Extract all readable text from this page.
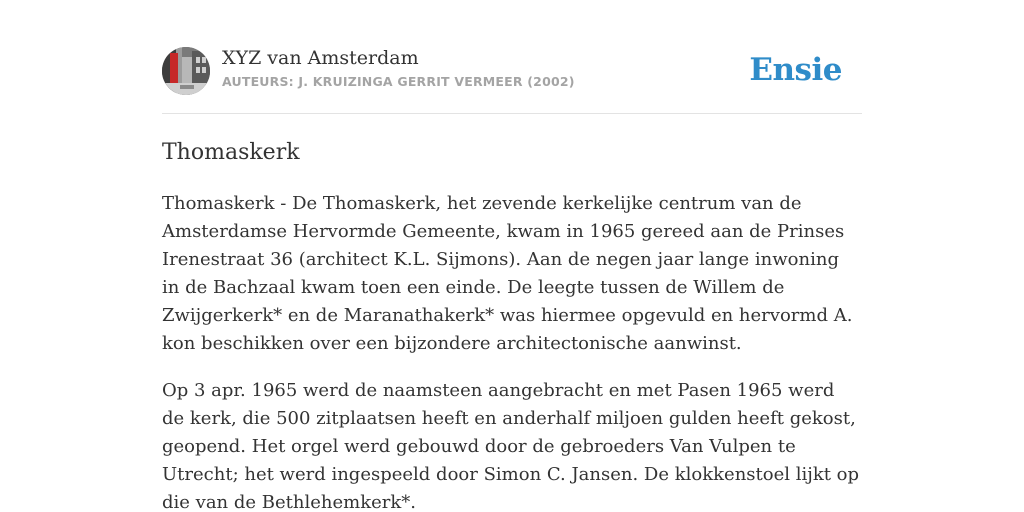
XYZ van Amsterdam
AUTEURS: J. KRUIZINGA GERRIT VERMEER (2002)	Ensie
Thomaskerk

Thomaskerk - De Thomaskerk, het zevende kerkelijke centrum van de Amsterdamse Hervormde Gemeente, kwam in 1965 gereed aan de Prinses Irenestraat 36 (architect K.L. Sijmons). Aan de negen jaar lange inwoning in de Bachzaal kwam toen een einde. De leegte tussen de Willem de Zwijgerkerk* en de Maranathakerk* was hiermee opgevuld en hervormd A. kon beschikken over een bijzondere architectonische aanwinst.

Op 3 apr. 1965 werd de naamsteen aangebracht en met Pasen 1965 werd de kerk, die 500 zitplaatsen heeft en anderhalf miljoen gulden heeft gekost, geopend. Het orgel werd gebouwd door de gebroeders Van Vulpen te Utrecht; het werd ingespeeld door Simon C. Jansen. De klokkenstoel lijkt op die van de Bethlehemkerk*.
